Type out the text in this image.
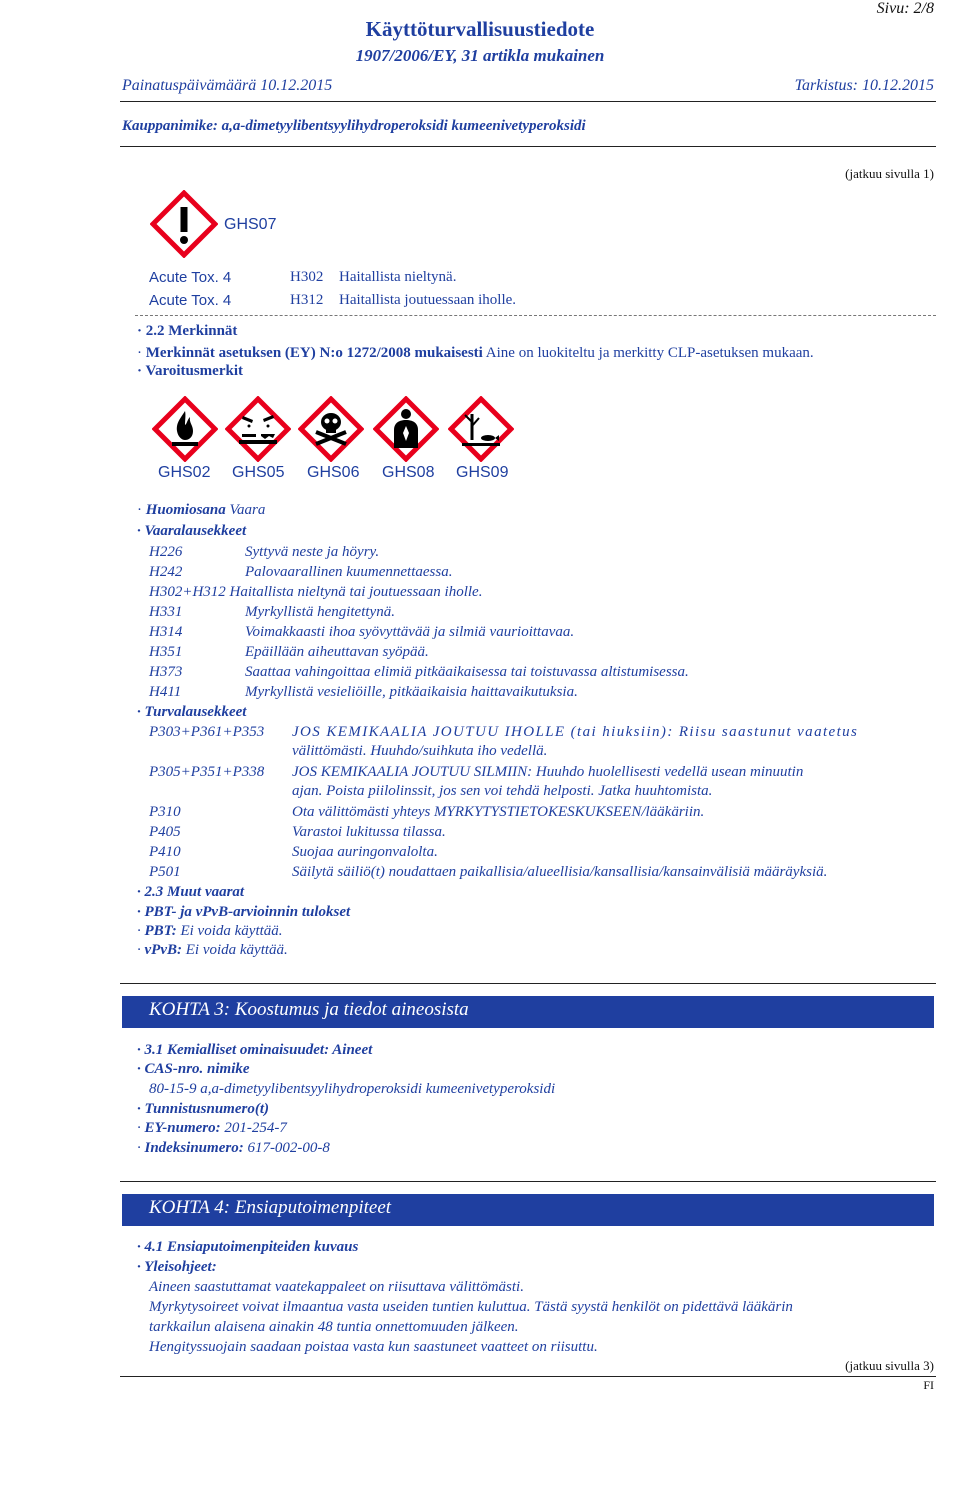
Sivu: 2/8
Käyttöturvallisuustiedote
1907/2006/EY, 31 artikla mukainen
Painatuspäivämäärä 10.12.2015	Tarkistus: 10.12.2015
Kauppanimike: a,a-dimetyylibentsyylihydroperoksidi kumeenivetyperoksidi
(jatkuu sivulla 1)
GHS07
Acute Tox. 4	H302 Haitallista nieltynä.
Acute Tox. 4	H312 Haitallista joutuessaan iholle.
· 2.2 Merkinnät
· Merkinnät asetuksen (EY) N:o 1272/2008 mukaisesti Aine on luokiteltu ja merkitty CLP-asetuksen mukaan.
· Varoitusmerkit
GHS02 GHS05 GHS06 GHS08 GHS09
· Huomiosana Vaara
· Vaaralausekkeet
H226	Syttyvä neste ja höyry.
H242	Palovaarallinen kuumennettaessa.
H302+H312 Haitallista nieltynä tai joutuessaan iholle.
H331	Myrkyllistä hengitettynä.
H314	Voimakkaasti ihoa syövyttävää ja silmiä vaurioittavaa.
H351	Epäillään aiheuttavan syöpää.
H373	Saattaa vahingoittaa elimiä pitkäaikaisessa tai toistuvassa altistumisessa.
H411	Myrkyllistä vesieliöille, pitkäaikaisia haittavaikutuksia.
· Turvalausekkeet
P303+P361+P353 JOS KEMIKAALIA JOUTUU IHOLLE (tai hiuksiin): Riisu saastunut vaatetus
välittömästi. Huuhdo/suihkuta iho vedellä.
P305+P351+P338 JOS KEMIKAALIA JOUTUU SILMIIN: Huuhdo huolellisesti vedellä usean minuutin
ajan. Poista piilolinssit, jos sen voi tehdä helposti. Jatka huuhtomista.
P310	Ota välittömästi yhteys MYRKYTYSTIETOKESKUKSEEN/lääkäriin.
P405	Varastoi lukitussa tilassa.
P410	Suojaa auringonvalolta.
P501	Säilytä säiliö(t) noudattaen paikallisia/alueellisia/kansallisia/kansainvälisiä määräyksiä.
· 2.3 Muut vaarat
· PBT- ja vPvB-arvioinnin tulokset
· PBT: Ei voida käyttää.
· vPvB: Ei voida käyttää.
KOHTA 3: Koostumus ja tiedot aineosista
· 3.1 Kemialliset ominaisuudet: Aineet
· CAS-nro. nimike
80-15-9 a,a-dimetyylibentsyylihydroperoksidi kumeenivetyperoksidi
· Tunnistusnumero(t)
· EY-numero: 201-254-7
· Indeksinumero: 617-002-00-8
KOHTA 4: Ensiaputoimenpiteet
· 4.1 Ensiaputoimenpiteiden kuvaus
· Yleisohjeet:
Aineen saastuttamat vaatekappaleet on riisuttava välittömästi.
Myrkytysoireet voivat ilmaantua vasta useiden tuntien kuluttua. Tästä syystä henkilöt on pidettävä lääkärin
tarkkailun alaisena ainakin 48 tuntia onnettomuuden jälkeen.
Hengityssuojain saadaan poistaa vasta kun saastuneet vaatteet on riisuttu.
(jatkuu sivulla 3)
FI
